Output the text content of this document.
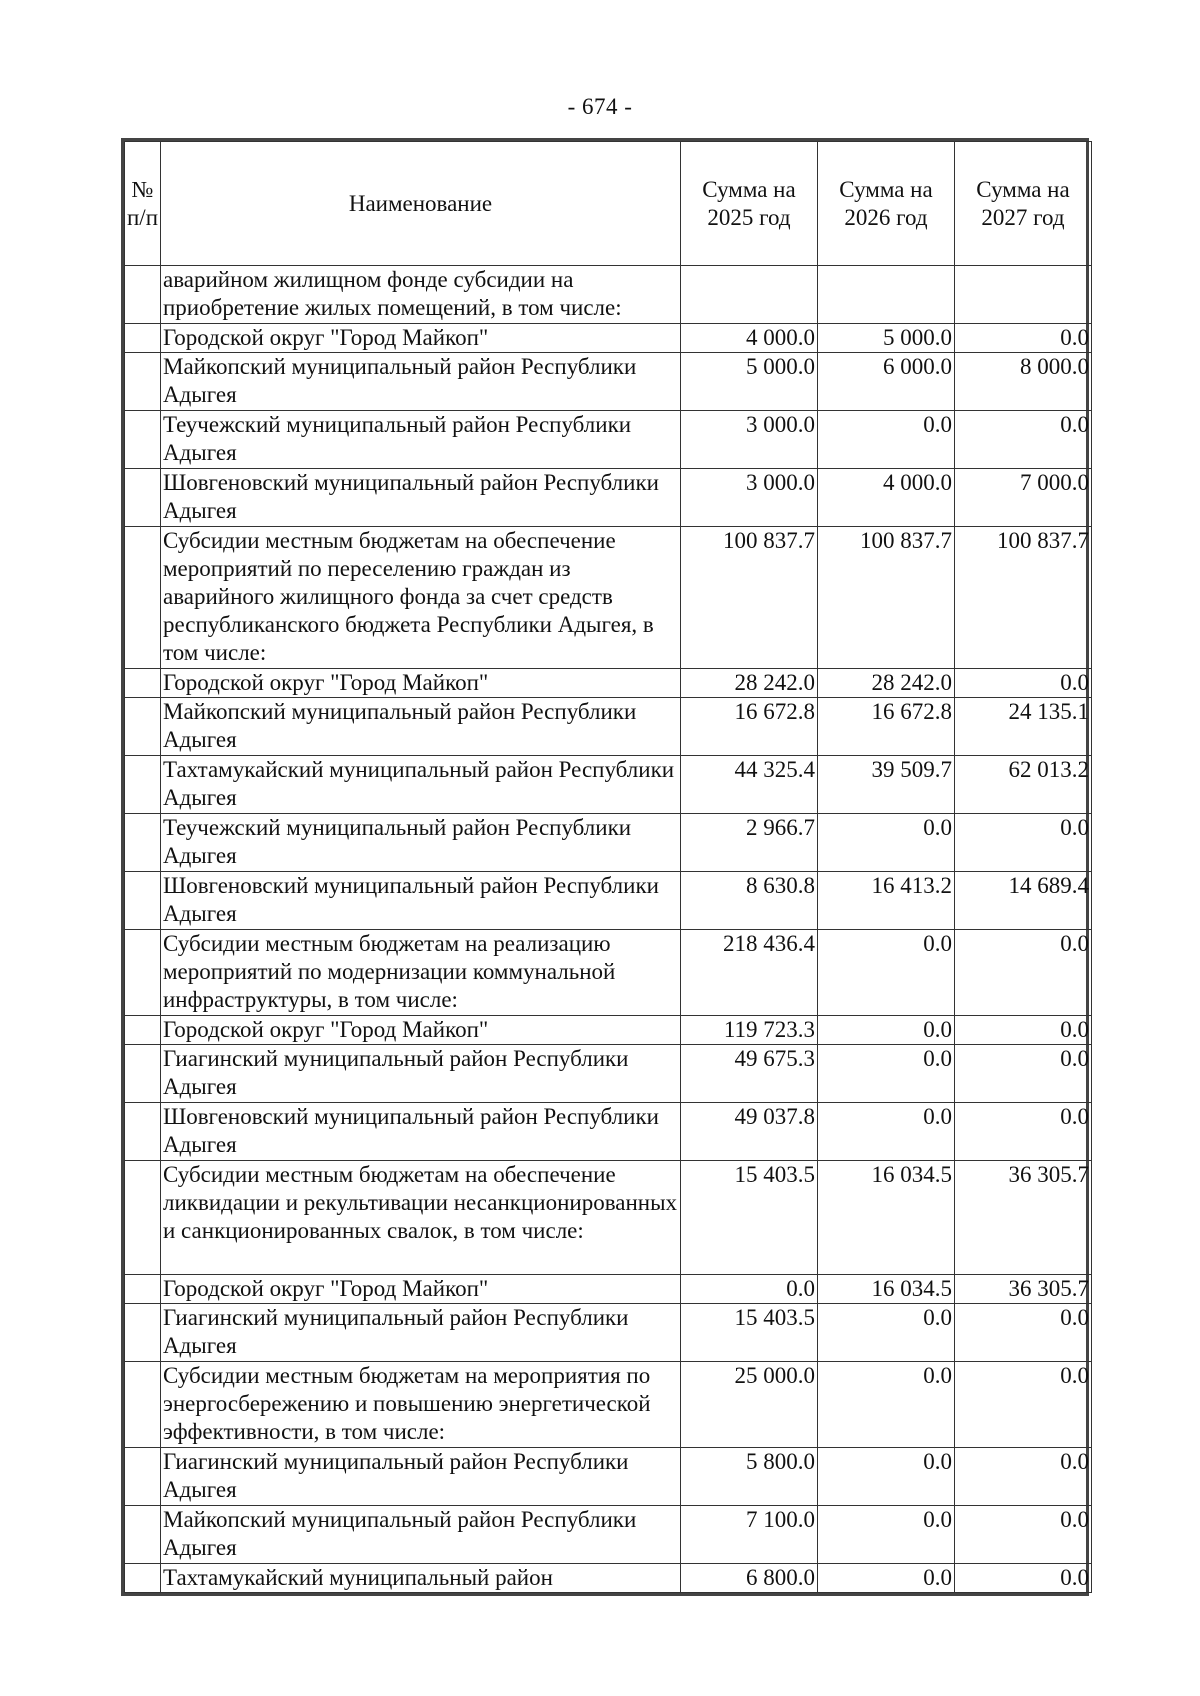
- 674 -
№ п/п	Наименование	Сумма на 2025 год	Сумма на 2026 год	Сумма на 2027 год
	аварийном жилищном фонде субсидии на приобретение жилых помещений, в том числе:			
	Городской округ "Город Майкоп"	4 000.0	5 000.0	0.0
	Майкопский муниципальный район Республики Адыгея	5 000.0	6 000.0	8 000.0
	Теучежский муниципальный район Республики Адыгея	3 000.0	0.0	0.0
	Шовгеновский муниципальный район Республики Адыгея	3 000.0	4 000.0	7 000.0
	Субсидии местным бюджетам на обеспечение мероприятий по переселению граждан из аварийного жилищного фонда за счет средств республиканского бюджета Республики Адыгея, в том числе:	100 837.7	100 837.7	100 837.7
	Городской округ "Город Майкоп"	28 242.0	28 242.0	0.0
	Майкопский муниципальный район Республики Адыгея	16 672.8	16 672.8	24 135.1
	Тахтамукайский муниципальный район Республики Адыгея	44 325.4	39 509.7	62 013.2
	Теучежский муниципальный район Республики Адыгея	2 966.7	0.0	0.0
	Шовгеновский муниципальный район Республики Адыгея	8 630.8	16 413.2	14 689.4
	Субсидии местным бюджетам на реализацию мероприятий по модернизации коммунальной инфраструктуры, в том числе:	218 436.4	0.0	0.0
	Городской округ "Город Майкоп"	119 723.3	0.0	0.0
	Гиагинский муниципальный район Республики Адыгея	49 675.3	0.0	0.0
	Шовгеновский муниципальный район Республики Адыгея	49 037.8	0.0	0.0
	Субсидии местным бюджетам на обеспечение ликвидации и рекультивации несанкционированных и санкционированных свалок, в том числе:	15 403.5	16 034.5	36 305.7
	Городской округ "Город Майкоп"	0.0	16 034.5	36 305.7
	Гиагинский муниципальный район Республики Адыгея	15 403.5	0.0	0.0
	Субсидии местным бюджетам на мероприятия по энергосбережению и повышению энергетической эффективности, в том числе:	25 000.0	0.0	0.0
	Гиагинский муниципальный район Республики Адыгея	5 800.0	0.0	0.0
	Майкопский муниципальный район Республики Адыгея	7 100.0	0.0	0.0
	Тахтамукайский муниципальный район	6 800.0	0.0	0.0
